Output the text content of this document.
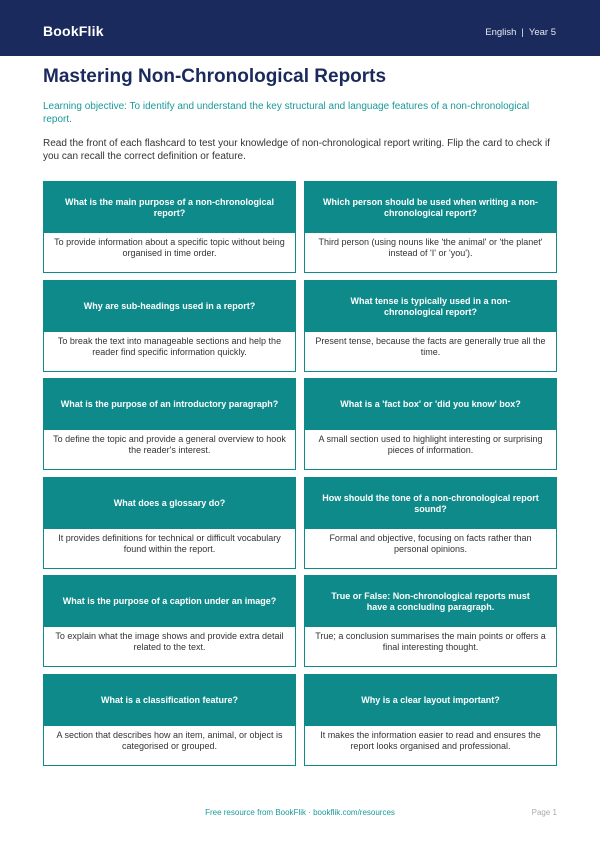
BookFlik	English | Year 5
Mastering Non-Chronological Reports
Learning objective: To identify and understand the key structural and language features of a non-chronological report.
Read the front of each flashcard to test your knowledge of non-chronological report writing. Flip the card to check if you can recall the correct definition or feature.
What is the main purpose of a non-chronological report?
To provide information about a specific topic without being organised in time order.
Which person should be used when writing a non-chronological report?
Third person (using nouns like 'the animal' or 'the planet' instead of 'I' or 'you').
Why are sub-headings used in a report?
To break the text into manageable sections and help the reader find specific information quickly.
What tense is typically used in a non-chronological report?
Present tense, because the facts are generally true all the time.
What is the purpose of an introductory paragraph?
To define the topic and provide a general overview to hook the reader's interest.
What is a 'fact box' or 'did you know' box?
A small section used to highlight interesting or surprising pieces of information.
What does a glossary do?
It provides definitions for technical or difficult vocabulary found within the report.
How should the tone of a non-chronological report sound?
Formal and objective, focusing on facts rather than personal opinions.
What is the purpose of a caption under an image?
To explain what the image shows and provide extra detail related to the text.
True or False: Non-chronological reports must have a concluding paragraph.
True; a conclusion summarises the main points or offers a final interesting thought.
What is a classification feature?
A section that describes how an item, animal, or object is categorised or grouped.
Why is a clear layout important?
It makes the information easier to read and ensures the report looks organised and professional.
Free resource from BookFlik · bookflik.com/resources	Page 1
